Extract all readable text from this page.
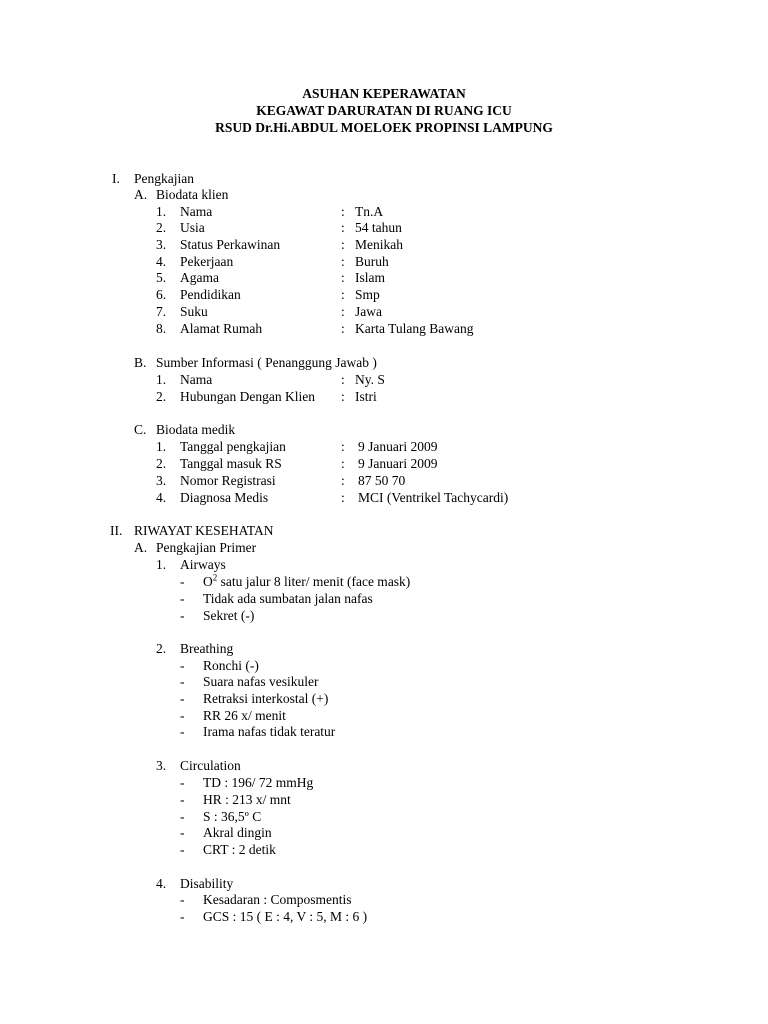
ASUHAN KEPERAWATAN
KEGAWAT DARURATAN DI RUANG ICU
RSUD Dr.Hi.ABDUL MOELOEK PROPINSI LAMPUNG
I. Pengkajian
A. Biodata klien
1. Nama	: Tn.A
2. Usia	: 54 tahun
3. Status Perkawinan	: Menikah
4. Pekerjaan	: Buruh
5. Agama	: Islam
6. Pendidikan	: Smp
7. Suku	: Jawa
8. Alamat Rumah	: Karta Tulang Bawang
B. Sumber Informasi ( Penanggung Jawab )
1. Nama	: Ny. S
2. Hubungan Dengan Klien : Istri
C. Biodata medik
1. Tanggal pengkajian	: 9 Januari 2009
2. Tanggal masuk RS	: 9 Januari 2009
3. Nomor Registrasi	: 87 50 70
4. Diagnosa Medis	: MCI (Ventrikel Tachycardi)
II. RIWAYAT KESEHATAN
A. Pengkajian Primer
1. Airways
- $O^2$ satu jalur 8 liter/ menit (face mask)
- Tidak ada sumbatan jalan nafas
- Sekret (-)
2. Breathing
- Ronchi (-)
- Suara nafas vesikuler
- Retraksi interkostal (+)
- RR 26 x/ menit
- Irama nafas tidak teratur
3. Circulation
- TD : 196/ 72 mmHg
- HR : 213 x/ mnt
- S : 36,5º C
- Akral dingin
- CRT : 2 detik
4. Disability
- Kesadaran : Composmentis
- GCS : 15 ( E : 4, V : 5, M : 6 )
